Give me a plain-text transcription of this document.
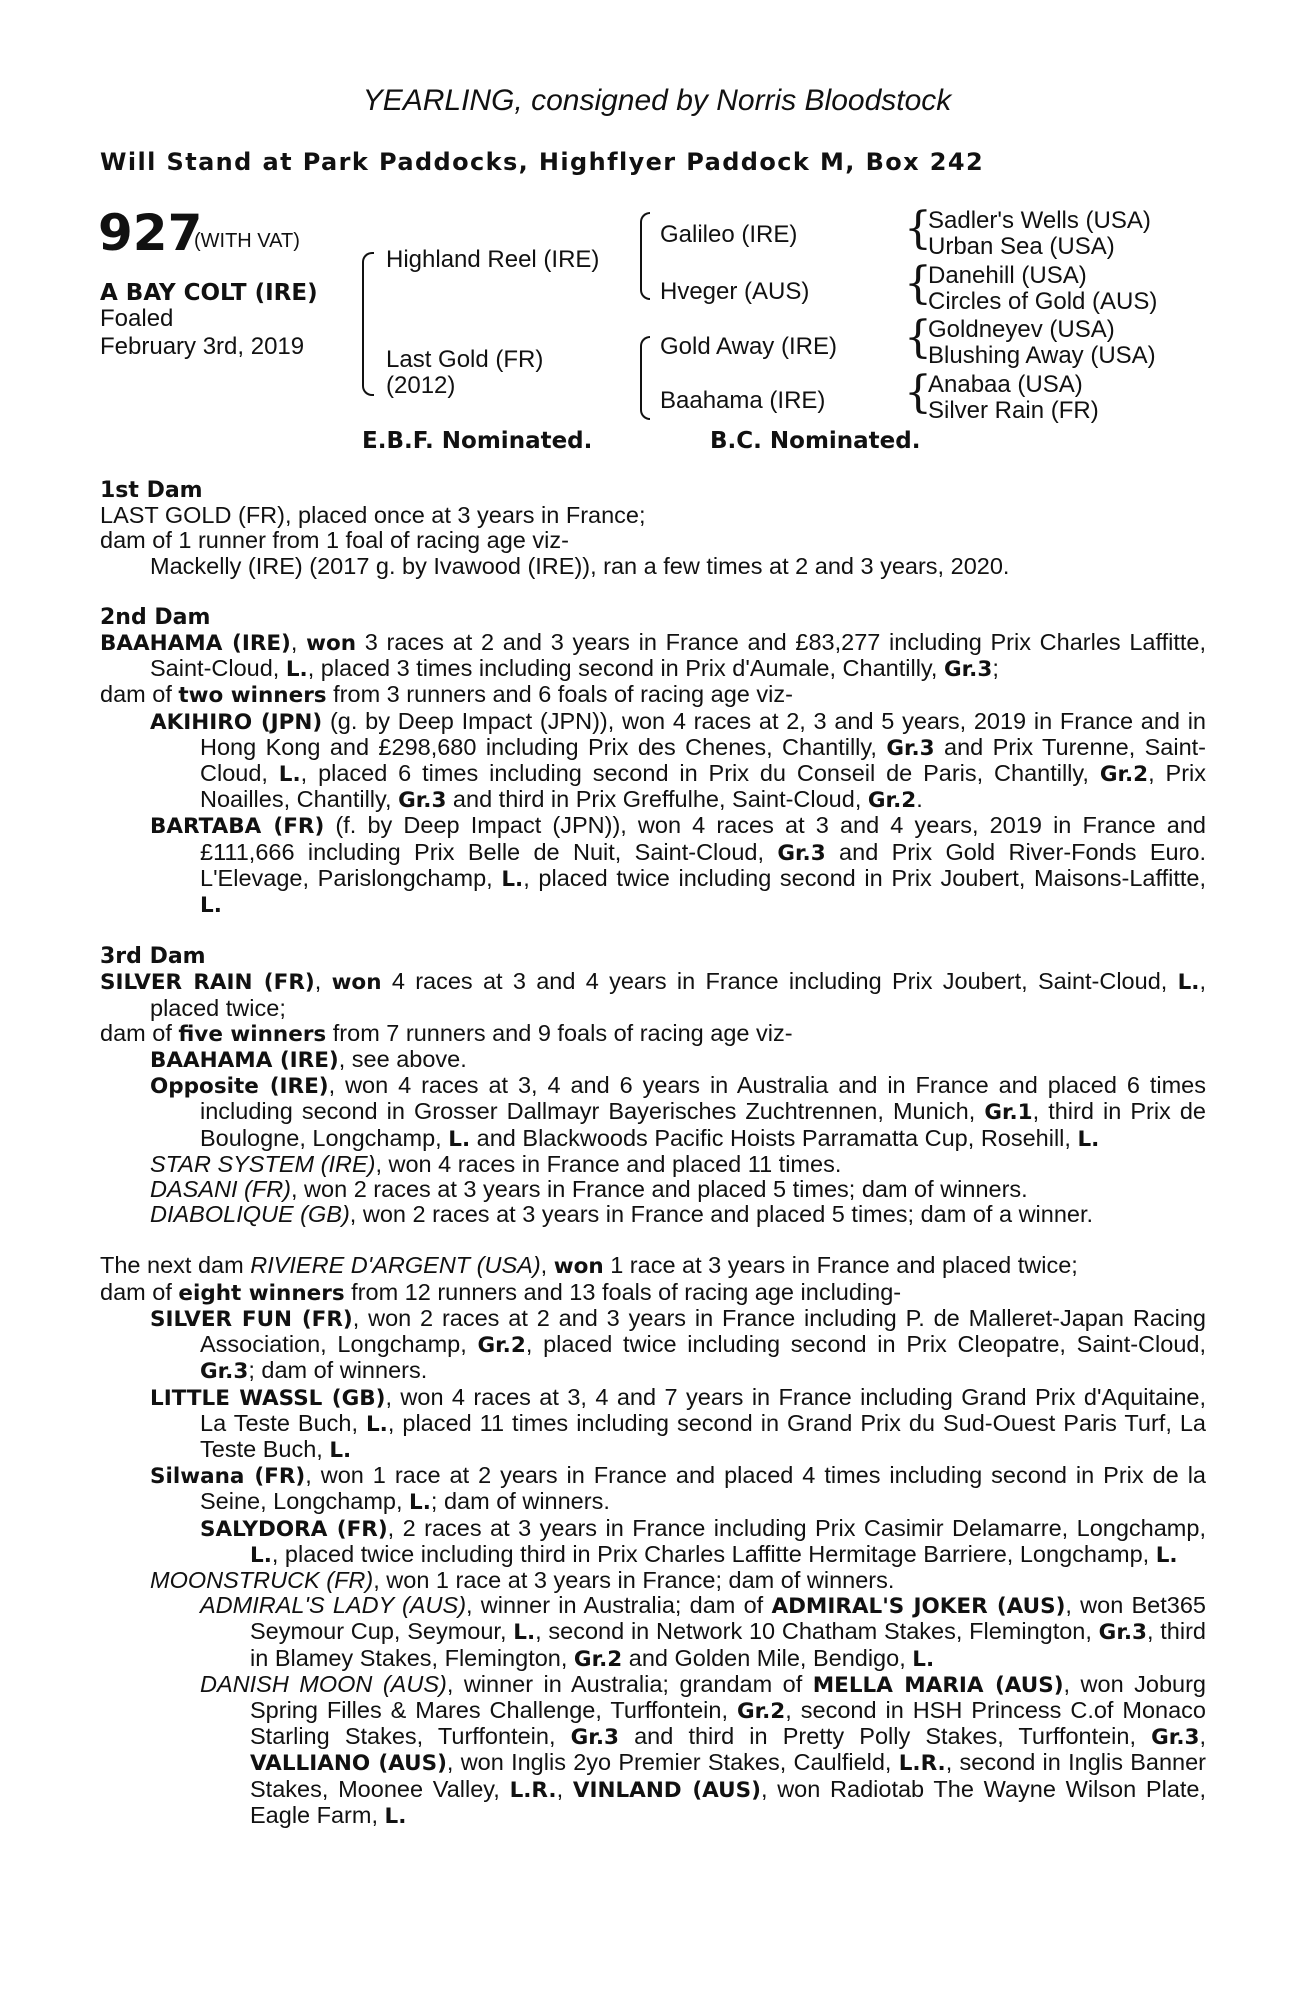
YEARLING, consigned by Norris Bloodstock
Will Stand at Park Paddocks, Highflyer Paddock M, Box 242
927
(WITH VAT)
A BAY COLT (IRE)
Foaled
February 3rd, 2019
Highland Reel (IRE)
Last Gold (FR)
(2012)
Galileo (IRE)
Hveger (AUS)
Gold Away (IRE)
Baahama (IRE)
{
{
{
{
Sadler's Wells (USA)
Urban Sea (USA)
Danehill (USA)
Circles of Gold (AUS)
Goldneyev (USA)
Blushing Away (USA)
Anabaa (USA)
Silver Rain (FR)
E.B.F. Nominated.	B.C. Nominated.

1st Dam

LAST GOLD (FR), placed once at 3 years in France;

dam of 1 runner from 1 foal of racing age viz-

Mackelly (IRE) (2017 g. by Ivawood (IRE)), ran a few times at 2 and 3 years, 2020.

2nd Dam

BAAHAMA (IRE), won 3 races at 2 and 3 years in France and £83,277 including Prix Charles Laffitte, Saint-Cloud, L., placed 3 times including second in Prix d'Aumale, Chantilly, Gr.3;

dam of two winners from 3 runners and 6 foals of racing age viz-

AKIHIRO (JPN) (g. by Deep Impact (JPN)), won 4 races at 2, 3 and 5 years, 2019 in France and in Hong Kong and £298,680 including Prix des Chenes, Chantilly, Gr.3 and Prix Turenne, Saint-Cloud, L., placed 6 times including second in Prix du Conseil de Paris, Chantilly, Gr.2, Prix Noailles, Chantilly, Gr.3 and third in Prix Greffulhe, Saint-Cloud, Gr.2.

BARTABA (FR) (f. by Deep Impact (JPN)), won 4 races at 3 and 4 years, 2019 in France and £111,666 including Prix Belle de Nuit, Saint-Cloud, Gr.3 and Prix Gold River-Fonds Euro. L'Elevage, Parislongchamp, L., placed twice including second in Prix Joubert, Maisons-Laffitte, L.

3rd Dam

SILVER RAIN (FR), won 4 races at 3 and 4 years in France including Prix Joubert, Saint-Cloud, L., placed twice;

dam of five winners from 7 runners and 9 foals of racing age viz-

BAAHAMA (IRE), see above.

Opposite (IRE), won 4 races at 3, 4 and 6 years in Australia and in France and placed 6 times including second in Grosser Dallmayr Bayerisches Zuchtrennen, Munich, Gr.1, third in Prix de Boulogne, Longchamp, L. and Blackwoods Pacific Hoists Parramatta Cup, Rosehill, L.

STAR SYSTEM (IRE), won 4 races in France and placed 11 times.

DASANI (FR), won 2 races at 3 years in France and placed 5 times; dam of winners.

DIABOLIQUE (GB), won 2 races at 3 years in France and placed 5 times; dam of a winner.

The next dam RIVIERE D'ARGENT (USA), won 1 race at 3 years in France and placed twice;

dam of eight winners from 12 runners and 13 foals of racing age including-

SILVER FUN (FR), won 2 races at 2 and 3 years in France including P. de Malleret-Japan Racing Association, Longchamp, Gr.2, placed twice including second in Prix Cleopatre, Saint-Cloud, Gr.3; dam of winners.

LITTLE WASSL (GB), won 4 races at 3, 4 and 7 years in France including Grand Prix d'Aquitaine, La Teste Buch, L., placed 11 times including second in Grand Prix du Sud-Ouest Paris Turf, La Teste Buch, L.

Silwana (FR), won 1 race at 2 years in France and placed 4 times including second in Prix de la Seine, Longchamp, L.; dam of winners.

SALYDORA (FR), 2 races at 3 years in France including Prix Casimir Delamarre, Longchamp, L., placed twice including third in Prix Charles Laffitte Hermitage Barriere, Longchamp, L.

MOONSTRUCK (FR), won 1 race at 3 years in France; dam of winners.

ADMIRAL'S LADY (AUS), winner in Australia; dam of ADMIRAL'S JOKER (AUS), won Bet365 Seymour Cup, Seymour, L., second in Network 10 Chatham Stakes, Flemington, Gr.3, third in Blamey Stakes, Flemington, Gr.2 and Golden Mile, Bendigo, L.

DANISH MOON (AUS), winner in Australia; grandam of MELLA MARIA (AUS), won Joburg Spring Filles & Mares Challenge, Turffontein, Gr.2, second in HSH Princess C.of Monaco Starling Stakes, Turffontein, Gr.3 and third in Pretty Polly Stakes, Turffontein, Gr.3, VALLIANO (AUS), won Inglis 2yo Premier Stakes, Caulfield, L.R., second in Inglis Banner Stakes, Moonee Valley, L.R., VINLAND (AUS), won Radiotab The Wayne Wilson Plate, Eagle Farm, L.
